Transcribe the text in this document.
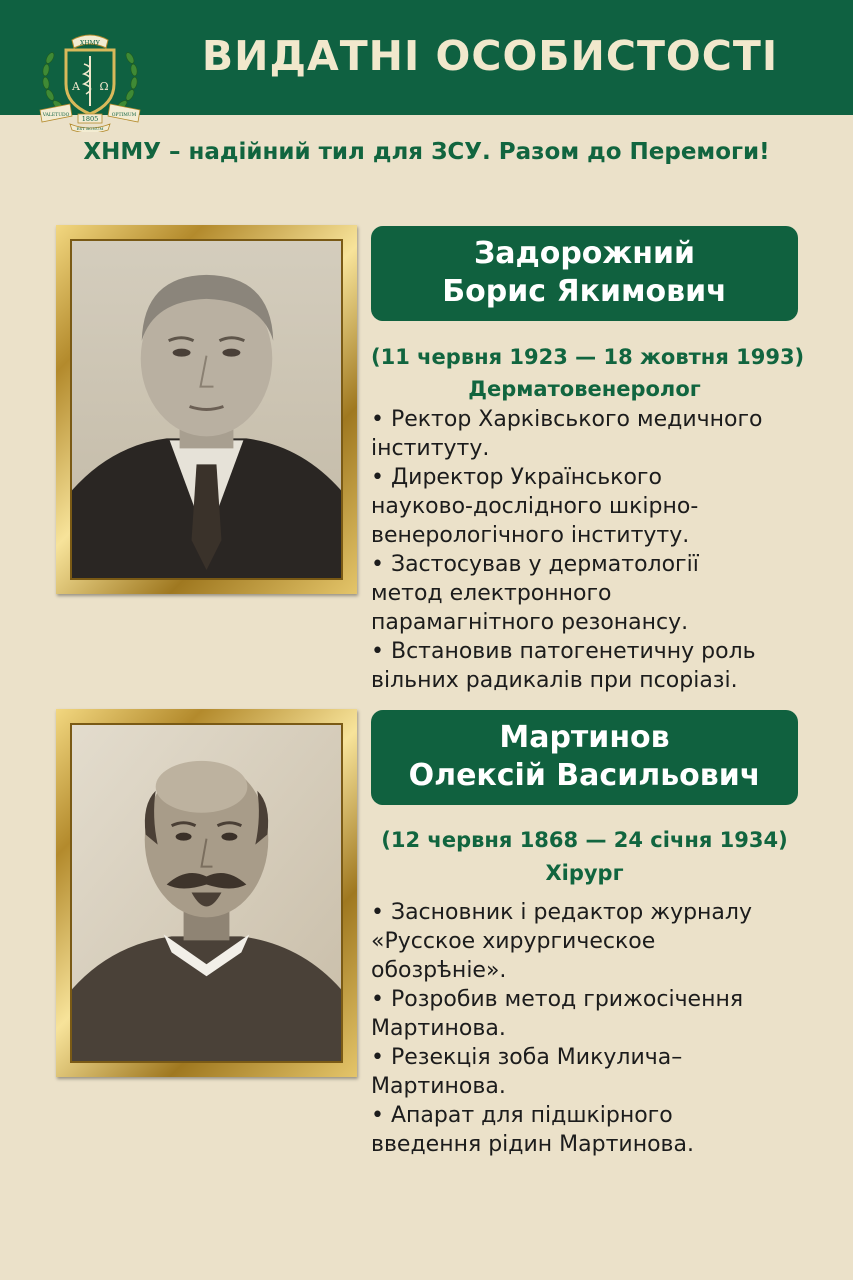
ХНМУ
A Ω
VALETUDO	OPTIMUM
1805
EST BONUM
ВИДАТНІ ОСОБИСТОСТІ
ХНМУ – надійний тил для ЗСУ. Разом до Перемоги!
Задорожний
Борис Якимович
(11 червня 1923 — 18 жовтня 1993)
Дерматовенеролог
• Ректор Харківського медичного
інституту.
• Директор Українського
науково-дослідного шкірно-
венерологічного інституту.
• Застосував у дерматології
метод електронного
парамагнітного резонансу.
• Встановив патогенетичну роль
вільних радикалів при псоріазі.
Мартинов
Олексій Васильович
(12 червня 1868 — 24 січня 1934)
Хірург
• Засновник і редактор журналу
«Русское хирургическое
обозрѣніе».
• Розробив метод грижосічення
Мартинова.
• Резекція зоба Микулича–
Мартинова.
• Апарат для підшкірного
введення рідин Мартинова.
